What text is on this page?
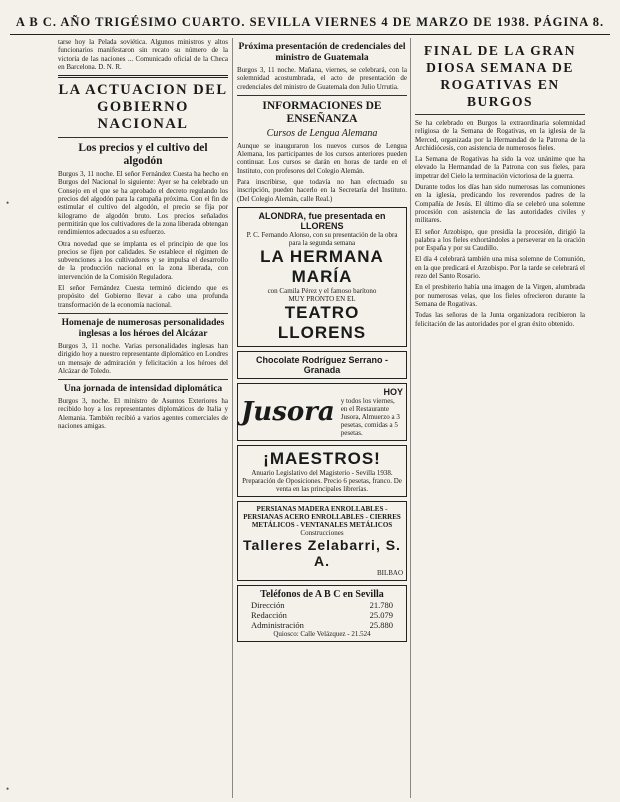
A B C. AÑO TRIGÉSIMO CUARTO. SEVILLA VIERNES 4 DE MARZO DE 1938. PÁGINA 8.
•
•

tarse hoy la Pelada soviética. Algunos ministros y altos funcionarios manifestaron sin recato su número de la victoria de las naciones ... Comunicado oficial de la Checa en Barcelona. D. N. R.

LA ACTUACION DEL GOBIERNO NACIONAL
Los precios y el cultivo del algodón

Burgos 3, 11 noche. El señor Fernández Cuesta ha hecho en Burgos del Nacional lo siguiente: Ayer se ha celebrado un Consejo en el que se ha aprobado el decreto regulando los precios del algodón para la campaña próxima. Con el fin de estimular el cultivo del algodón, el precio se fija por kilogramo de algodón bruto. Los precios señalados permitirán que los cultivadores de la zona liberada obtengan rendimientos adecuados a su esfuerzo.

Otra novedad que se implanta es el principio de que los precios se fijen por calidades. Se establece el régimen de subvenciones a los cultivadores y se impulsa el desarrollo de la producción nacional en la zona liberada, con intervención de la Comisión Reguladora.

El señor Fernández Cuesta terminó diciendo que es propósito del Gobierno llevar a cabo una profunda transformación de la economía nacional.

Homenaje de numerosas personalidades inglesas a los héroes del Alcázar

Burgos 3, 11 noche. Varias personalidades inglesas han dirigido hoy a nuestro representante diplomático en Londres un mensaje de admiración y felicitación a los héroes del Alcázar de Toledo.

Una jornada de intensidad diplomática

Burgos 3, noche. El ministro de Asuntos Exteriores ha recibido hoy a los representantes diplomáticos de Italia y Alemania. También recibió a varios agentes comerciales de naciones amigas.

Próxima presentación de credenciales del ministro de Guatemala

Burgos 3, 11 noche. Mañana, viernes, se celebrará, con la solemnidad acostumbrada, el acto de presentación de credenciales del ministro de Guatemala don Julio Urrutia.

INFORMACIONES DE ENSEÑANZA
Cursos de Lengua Alemana

Aunque se inauguraron los nuevos cursos de Lengua Alemana, los participantes de los cursos anteriores pueden continuar. Los cursos se darán en horas de tarde en el Instituto, con profesores del Colegio Alemán.

Para inscribirse, que todavía no han efectuado su inscripción, pueden hacerlo en la Secretaría del Instituto. (Del Colegio Alemán, calle Real.)

ALONDRA, fue presentada en LLORENS
P. C. Fernando Alonso, con su presentación de la obra para la segunda semana
LA HERMANA MARÍA
con Camila Pérez y el famoso barítono
MUY PRONTO EN EL
TEATRO LLORENS
Chocolate Rodríguez Serrano - Granada
Jusora
HOY
y todos los viernes, en el Restaurante Jusora, Almuerzo a 3 pesetas, comidas a 5 pesetas.
¡MAESTROS!
Anuario Legislativo del Magisterio - Sevilla 1938. Preparación de Oposiciones. Precio 6 pesetas, franco. De venta en las principales librerías.
PERSIANAS MADERA ENROLLABLES - PERSIANAS ACERO ENROLLABLES - CIERRES METÁLICOS - VENTANALES METÁLICOS
Construcciones
Talleres Zelabarri, S. A.
BILBAO
Teléfonos de A B C en Sevilla
Dirección	21.780
Redacción	25.079
Administración	25.880
Quiosco: Calle Velázquez - 21.524
FINAL DE LA GRAN DIOSA SEMANA DE ROGATIVAS EN BURGOS

Se ha celebrado en Burgos la extraordinaria solemnidad religiosa de la Semana de Rogativas, en la iglesia de la Merced, organizada por la Hermandad de la Patrona de la Archidiócesis, con asistencia de numerosos fieles.

La Semana de Rogativas ha sido la voz unánime que ha elevado la Hermandad de la Patrona con sus fieles, para impetrar del Cielo la terminación victoriosa de la guerra.

Durante todos los días han sido numerosas las comuniones en la iglesia, predicando los reverendos padres de la Compañía de Jesús. El último día se celebró una solemne procesión con asistencia de las autoridades civiles y militares.

El señor Arzobispo, que presidía la procesión, dirigió la palabra a los fieles exhortándoles a perseverar en la oración por España y por su Caudillo.

El día 4 celebrará también una misa solemne de Comunión, en la que predicará el Arzobispo. Por la tarde se celebrará el rezo del Santo Rosario.

En el presbiterio había una imagen de la Virgen, alumbrada por numerosas velas, que los fieles ofrecieron durante la Semana de Rogativas.

Todas las señoras de la Junta organizadora recibieron la felicitación de las autoridades por el gran éxito obtenido.
